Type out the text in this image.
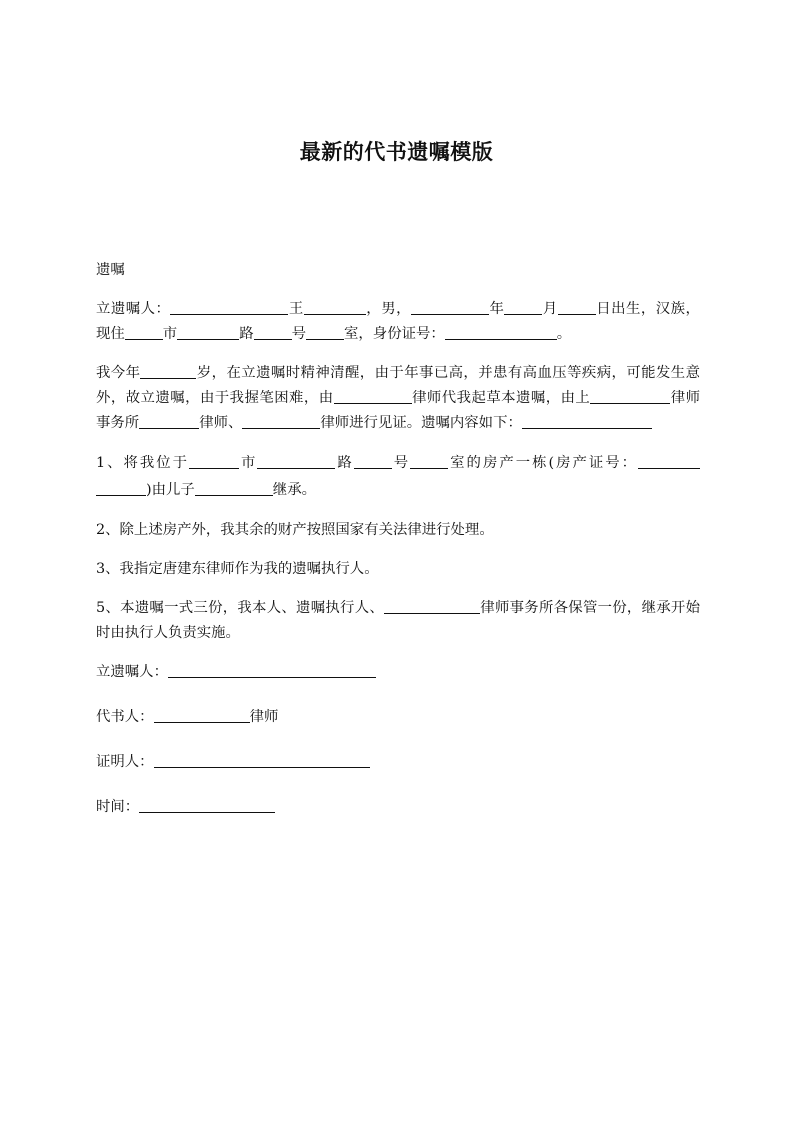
最新的代书遗嘱模版

遗嘱

立遗嘱人：	王	，男，	年	月	日出生，汉族，现住	市	路	号	室，身份证号：	。

我今年	岁，在立遗嘱时精神清醒，由于年事已高，并患有高血压等疾病，可能发生意外，故立遗嘱，由于我握笔困难，由	律师代我起草本遗嘱，由上	律师事务所	律师、	律师进行见证。遗嘱内容如下：

1、将我位于	市	路	号	室的房产一栋(房产证号：)由儿子	继承。

2、除上述房产外，我其余的财产按照国家有关法律进行处理。

3、我指定唐建东律师作为我的遗嘱执行人。

5、本遗嘱一式三份，我本人、遗嘱执行人、	律师事务所各保管一份，继承开始时由执行人负责实施。

立遗嘱人：

代书人：	律师

证明人：

时间：
